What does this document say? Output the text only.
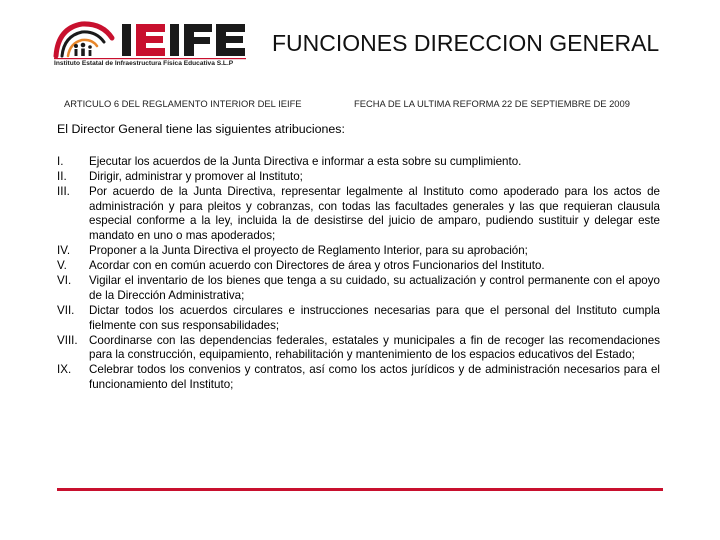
Instituto Estatal de Infraestructura Física Educativa S.L.P
FUNCIONES DIRECCION GENERAL
ARTICULO 6 DEL REGLAMENTO INTERIOR DEL IEIFE	FECHA DE LA ULTIMA REFORMA 22 DE SEPTIEMBRE DE 2009
El Director General tiene las siguientes atribuciones:
I.	Ejecutar los acuerdos de la Junta Directiva e informar a esta sobre su cumplimiento.
II.	Dirigir, administrar y promover al Instituto;
III.	Por acuerdo de la Junta Directiva, representar legalmente al Instituto como apoderado para los actos de administración y para pleitos y cobranzas, con todas las facultades generales y las que requieran clausula especial conforme a la ley, incluida la de desistirse del juicio de amparo, pudiendo sustituir y delegar este mandato en uno o mas apoderados;
IV.	Proponer a la Junta Directiva el proyecto de Reglamento Interior, para su aprobación;
V.	Acordar con en común acuerdo con Directores de área y otros Funcionarios del Instituto.
VI.	Vigilar el inventario de los bienes que tenga a su cuidado, su actualización y control permanente con el apoyo de la Dirección Administrativa;
VII.	Dictar todos los acuerdos circulares e instrucciones necesarias para que el personal del Instituto cumpla fielmente con sus responsabilidades;
VIII. Coordinarse con las dependencias federales, estatales y municipales a fin de recoger las recomendaciones para la construcción, equipamiento, rehabilitación y mantenimiento de los espacios educativos del Estado;
IX.	Celebrar todos los convenios y contratos, así como los actos jurídicos y de administración necesarios para el funcionamiento del Instituto;
